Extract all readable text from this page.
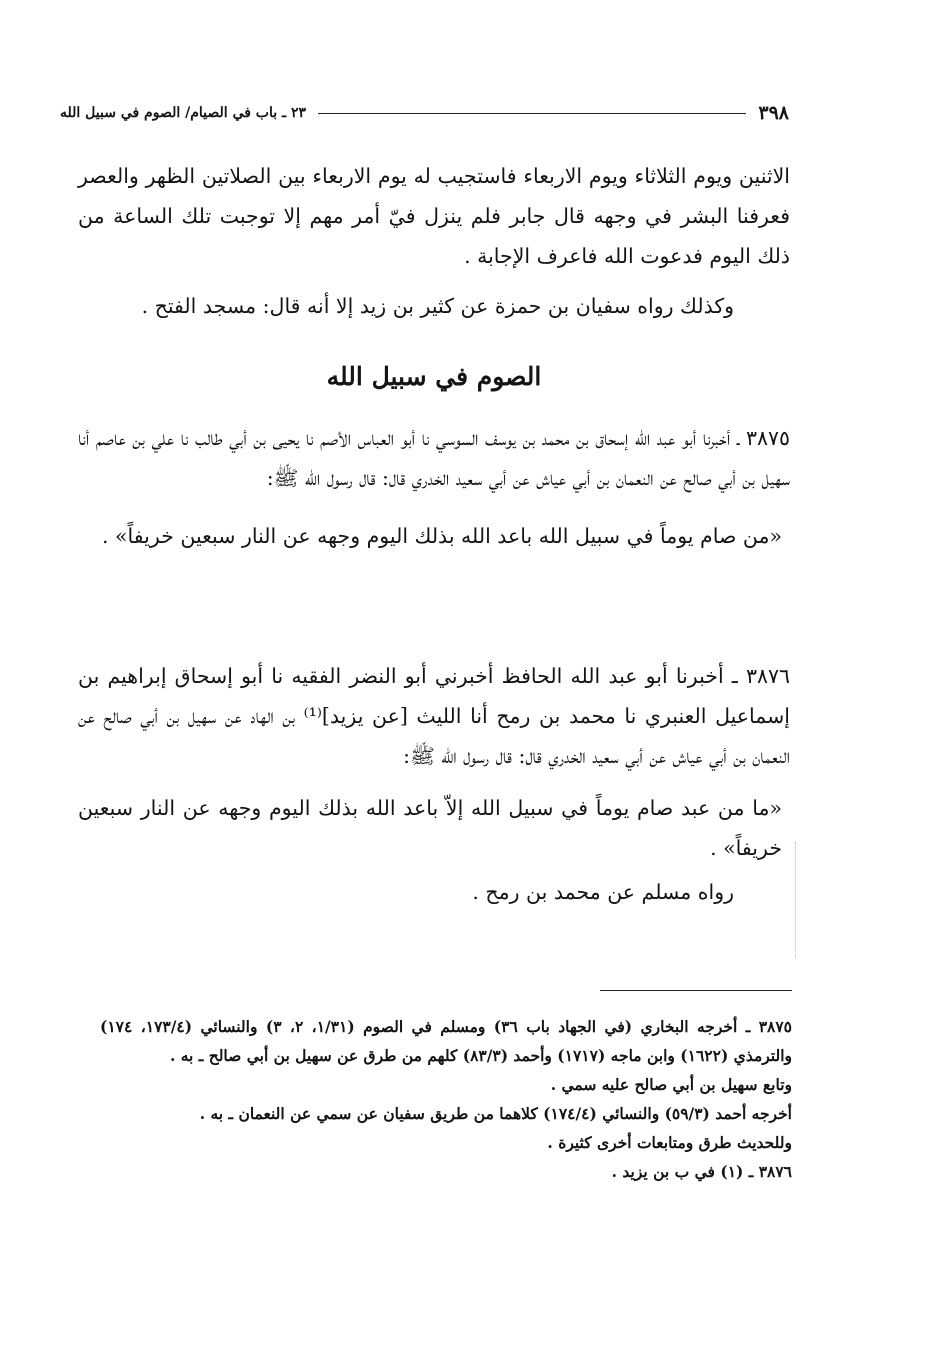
٣٩٨
٢٣ ـ باب في الصيام/ الصوم في سبيل الله

الاثنين ويوم الثلاثاء ويوم الاربعاء فاستجيب له يوم الاربعاء بين الصلاتين الظهر والعصر فعرفنا البشر في وجهه قال جابر فلم ينزل فيّ أمر مهم إلا توجبت تلك الساعة من ذلك اليوم فدعوت الله فاعرف الإجابة .

وكذلك رواه سفيان بن حمزة عن كثير بن زيد إلا أنه قال: مسجد الفتح .

الصوم في سبيل الله

٣٨٧٥ ـ أخبرنا أبو عبد الله إسحاق بن محمد بن يوسف السوسي نا أبو العباس الأصم نا يحيى بن أبي طالب نا علي بن عاصم أنا سهيل بن أبي صالح عن النعمان بن أبي عياش عن أبي سعيد الخدري قال: قال رسول الله ﷺ:

«من صام يوماً في سبيل الله باعد الله بذلك اليوم وجهه عن النار سبعين خريفاً» .

٣٨٧٦ ـ أخبرنا أبو عبد الله الحافظ أخبرني أبو النضر الفقيه نا أبو إسحاق إبراهيم بن إسماعيل العنبري نا محمد بن رمح أنا الليث [عن يزيد]⁽¹⁾ بن الهاد عن سهيل بن أبي صالح عن النعمان بن أبي عياش عن أبي سعيد الخدري قال: قال رسول الله ﷺ:

«ما من عبد صام يوماً في سبيل الله إلاّ باعد الله بذلك اليوم وجهه عن النار سبعين خريفاً» .

رواه مسلم عن محمد بن رمح .

٣٨٧٥ ـ أخرجه البخاري (في الجهاد باب ٣٦) ومسلم في الصوم (١/٣١، ٢، ٣) والنسائي (١٧٣/٤، ١٧٤) والترمذي (١٦٢٢) وابن ماجه (١٧١٧) وأحمد (٨٣/٣) كلهم من طرق عن سهيل بن أبي صالح ـ به .

وتابع سهيل بن أبي صالح عليه سمي .

أخرجه أحمد (٥٩/٣) والنسائي (١٧٤/٤) كلاهما من طريق سفيان عن سمي عن النعمان ـ به .

وللحديث طرق ومتابعات أخرى كثيرة .

٣٨٧٦ ـ (١) في ب بن يزيد .
